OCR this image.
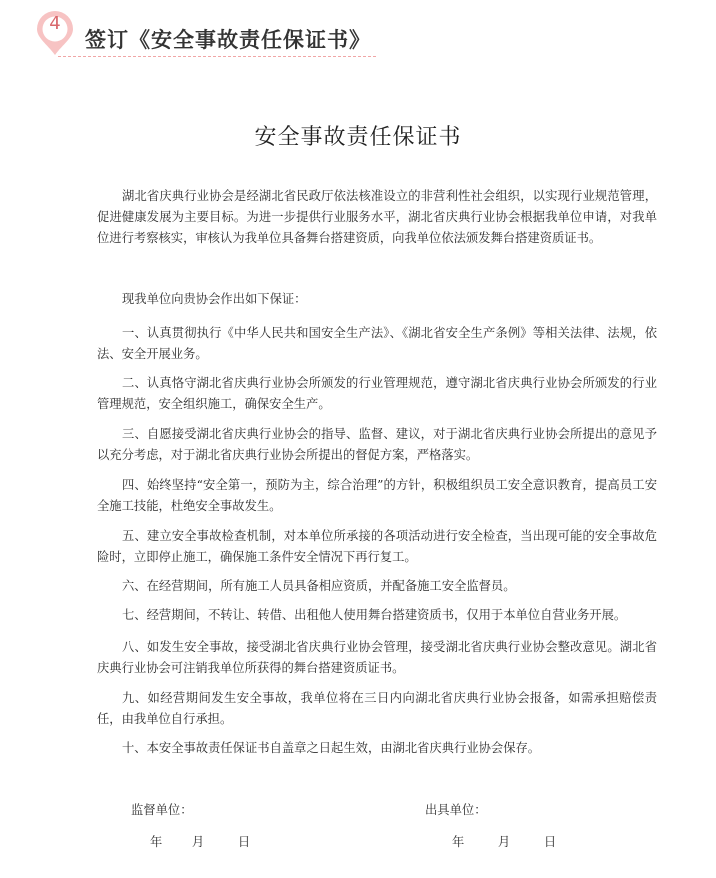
4
签订《安全事故责任保证书》
安全事故责任保证书

湖北省庆典行业协会是经湖北省民政厅依法核准设立的非营利性社会组织，以实现行业规范管理，促进健康发展为主要目标。为进一步提供行业服务水平，湖北省庆典行业协会根据我单位申请，对我单位进行考察核实，审核认为我单位具备舞台搭建资质，向我单位依法颁发舞台搭建资质证书。

现我单位向贵协会作出如下保证：

一、认真贯彻执行《中华人民共和国安全生产法》、《湖北省安全生产条例》等相关法律、法规，依法、安全开展业务。

二、认真恪守湖北省庆典行业协会所颁发的行业管理规范，遵守湖北省庆典行业协会所颁发的行业管理规范，安全组织施工，确保安全生产。

三、自愿接受湖北省庆典行业协会的指导、监督、建议，对于湖北省庆典行业协会所提出的意见予以充分考虑，对于湖北省庆典行业协会所提出的督促方案，严格落实。

四、始终坚持“安全第一，预防为主，综合治理”的方针，积极组织员工安全意识教育，提高员工安全施工技能，杜绝安全事故发生。

五、建立安全事故检查机制，对本单位所承接的各项活动进行安全检查，当出现可能的安全事故危险时，立即停止施工，确保施工条件安全情况下再行复工。

六、在经营期间，所有施工人员具备相应资质，并配备施工安全监督员。

七、经营期间，不转让、转借、出租他人使用舞台搭建资质书，仅用于本单位自营业务开展。

八、如发生安全事故，接受湖北省庆典行业协会管理，接受湖北省庆典行业协会整改意见。湖北省庆典行业协会可注销我单位所获得的舞台搭建资质证书。

九、如经营期间发生安全事故，我单位将在三日内向湖北省庆典行业协会报备，如需承担赔偿责任，由我单位自行承担。

十、本安全事故责任保证书自盖章之日起生效，由湖北省庆典行业协会保存。

监督单位：	出具单位：
年 月	日	年	月	日
